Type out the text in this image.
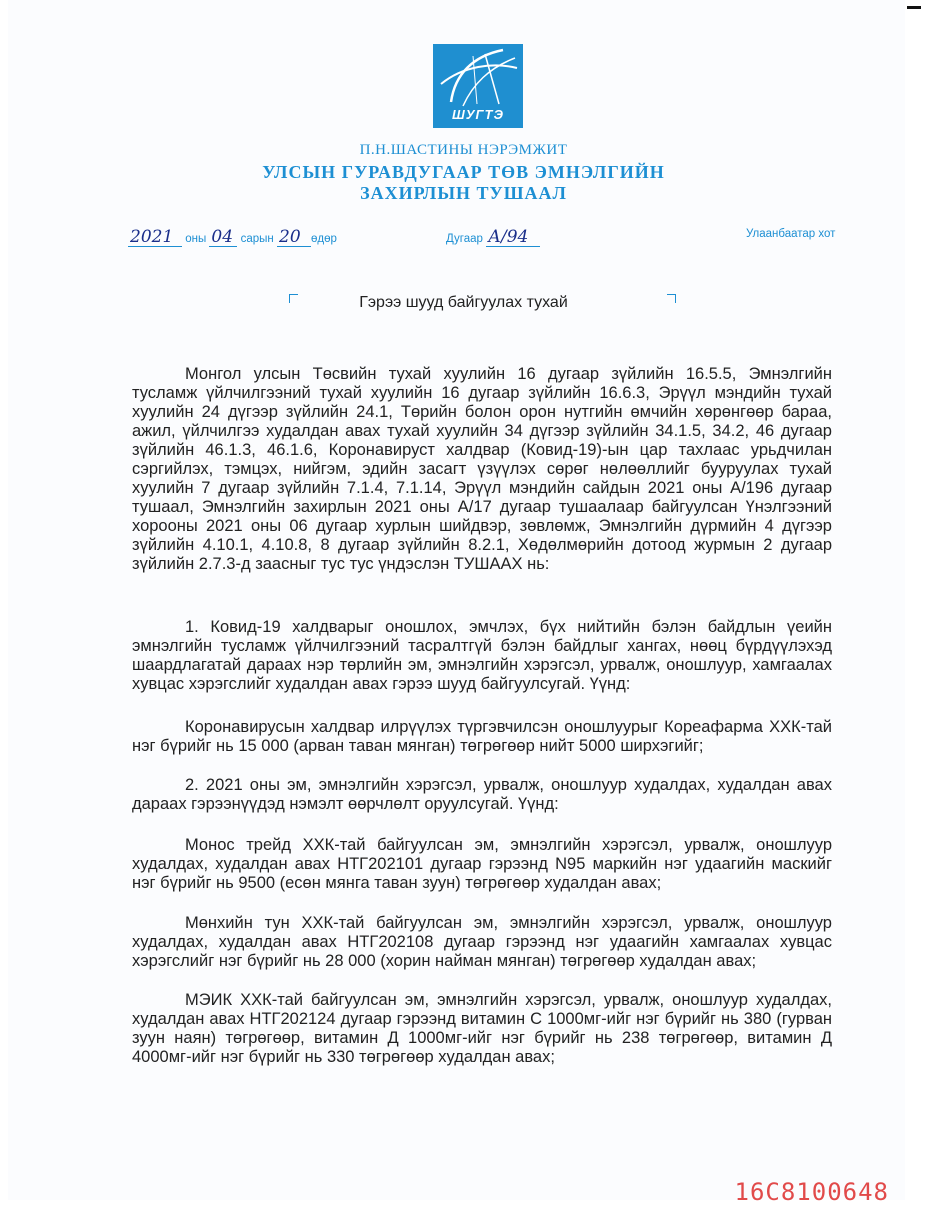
ШУГТЭ
П.Н.ШАСТИНЫ НЭРЭМЖИТ
УЛСЫН ГУРАВДУГААР ТӨВ ЭМНЭЛГИЙН
ЗАХИРЛЫН ТУШААЛ
2021 оны 04 сарын 20 өдөр	Дугаар А/94	Улаанбаатар хот
Гэрээ шууд байгуулах тухай

Монгол улсын Төсвийн тухай хуулийн 16 дугаар зүйлийн 16.5.5, Эмнэлгийн тусламж үйлчилгээний тухай хуулийн 16 дугаар зүйлийн 16.6.3, Эрүүл мэндийн тухай хуулийн 24 дүгээр зүйлийн 24.1, Төрийн болон орон нутгийн өмчийн хөрөнгөөр бараа, ажил, үйлчилгээ худалдан авах тухай хуулийн 34 дүгээр зүйлийн 34.1.5, 34.2, 46 дугаар зүйлийн 46.1.3, 46.1.6, Коронавируст халдвар (Ковид-19)-ын цар тахлаас урьдчилан сэргийлэх, тэмцэх, нийгэм, эдийн засагт үзүүлэх сөрөг нөлөөллийг бууруулах тухай хуулийн 7 дугаар зүйлийн 7.1.4, 7.1.14, Эрүүл мэндийн сайдын 2021 оны А/196 дугаар тушаал, Эмнэлгийн захирлын 2021 оны А/17 дугаар тушаалаар байгуулсан Үнэлгээний хорооны 2021 оны 06 дугаар хурлын шийдвэр, зөвлөмж, Эмнэлгийн дүрмийн 4 дүгээр зүйлийн 4.10.1, 4.10.8, 8 дугаар зүйлийн 8.2.1, Хөдөлмөрийн дотоод журмын 2 дугаар зүйлийн 2.7.3-д заасныг тус тус үндэслэн ТУШААХ нь:

1. Ковид-19 халдварыг оношлох, эмчлэх, бүх нийтийн бэлэн байдлын үеийн эмнэлгийн тусламж үйлчилгээний тасралтгүй бэлэн байдлыг хангах, нөөц бүрдүүлэхэд шаардлагатай дараах нэр төрлийн эм, эмнэлгийн хэрэгсэл, урвалж, оношлуур, хамгаалах хувцас хэрэгслийг худалдан авах гэрээ шууд байгуулсугай. Үүнд:

Коронавирусын халдвар илрүүлэх түргэвчилсэн оношлуурыг Кореафарма ХХК-тай нэг бүрийг нь 15 000 (арван таван мянган) төгрөгөөр нийт 5000 ширхэгийг;

2. 2021 оны эм, эмнэлгийн хэрэгсэл, урвалж, оношлуур худалдах, худалдан авах дараах гэрээнүүдэд нэмэлт өөрчлөлт оруулсугай. Үүнд:

Монос трейд ХХК-тай байгуулсан эм, эмнэлгийн хэрэгсэл, урвалж, оношлуур худалдах, худалдан авах НТГ202101 дугаар гэрээнд N95 маркийн нэг удаагийн маскийг нэг бүрийг нь 9500 (есөн мянга таван зуун) төгрөгөөр худалдан авах;

Мөнхийн тун ХХК-тай байгуулсан эм, эмнэлгийн хэрэгсэл, урвалж, оношлуур худалдах, худалдан авах НТГ202108 дугаар гэрээнд нэг удаагийн хамгаалах хувцас хэрэгслийг нэг бүрийг нь 28 000 (хорин найман мянган) төгрөгөөр худалдан авах;

МЭИК ХХК-тай байгуулсан эм, эмнэлгийн хэрэгсэл, урвалж, оношлуур худалдах, худалдан авах НТГ202124 дугаар гэрээнд витамин С 1000мг-ийг нэг бүрийг нь 380 (гурван зуун наян) төгрөгөөр, витамин Д 1000мг-ийг нэг бүрийг нь 238 төгрөгөөр, витамин Д 4000мг-ийг нэг бүрийг нь 330 төгрөгөөр худалдан авах;

16С8100648
